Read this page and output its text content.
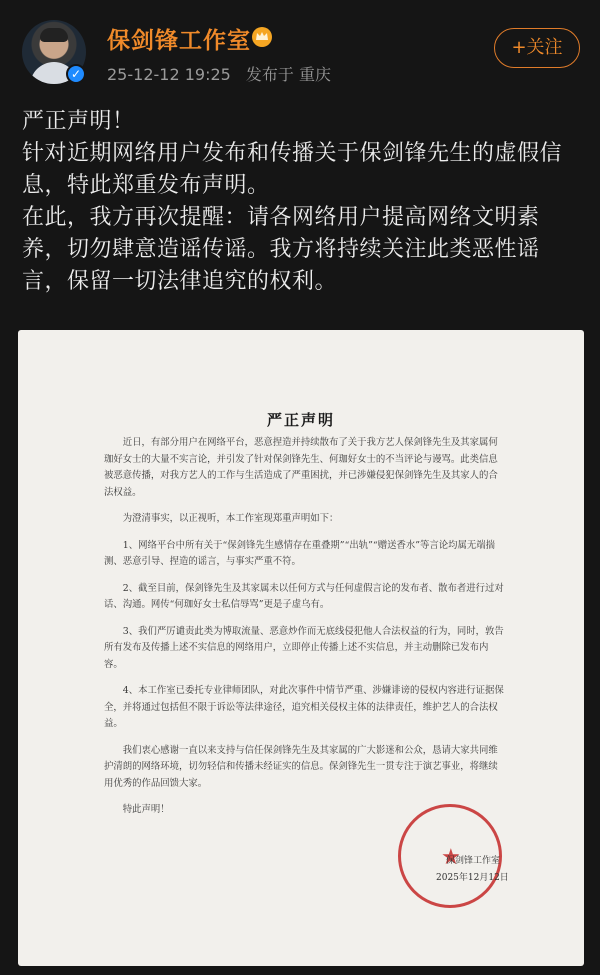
✓
保剑锋工作室
25-12-12 19:25 发布于 重庆
+关注

严正声明！

针对近期网络用户发布和传播关于保剑锋先生的虚假信息，特此郑重发布声明。

在此，我方再次提醒：请各网络用户提高网络文明素养，切勿肆意造谣传谣。我方将持续关注此类恶性谣言，保留一切法律追究的权利。

严正声明

近日，有部分用户在网络平台，恶意捏造并持续散布了关于我方艺人保剑锋先生及其家属何珈好女士的大量不实言论，并引发了针对保剑锋先生、何珈好女士的不当评论与谩骂。此类信息被恶意传播，对我方艺人的工作与生活造成了严重困扰，并已涉嫌侵犯保剑锋先生及其家人的合法权益。

为澄清事实，以正视听，本工作室现郑重声明如下：

1、网络平台中所有关于“保剑锋先生感情存在重叠期”“出轨”“赠送香水”等言论均属无端揣测、恶意引导、捏造的谣言，与事实严重不符。

2、截至目前，保剑锋先生及其家属未以任何方式与任何虚假言论的发布者、散布者进行过对话、沟通。网传“何珈好女士私信辱骂”更是子虚乌有。

3、我们严厉谴责此类为博取流量、恶意炒作而无底线侵犯他人合法权益的行为，同时，敦告所有发布及传播上述不实信息的网络用户，立即停止传播上述不实信息，并主动删除已发布内容。

4、本工作室已委托专业律师团队，对此次事件中情节严重、涉嫌诽谤的侵权内容进行证据保全，并将通过包括但不限于诉讼等法律途径，追究相关侵权主体的法律责任，维护艺人的合法权益。

我们衷心感谢一直以来支持与信任保剑锋先生及其家属的广大影迷和公众，恳请大家共同维护清朗的网络环境，切勿轻信和传播未经证实的信息。保剑锋先生一贯专注于演艺事业，将继续用优秀的作品回馈大家。

特此声明！

★
保剑锋工作室
2025年12月12日
